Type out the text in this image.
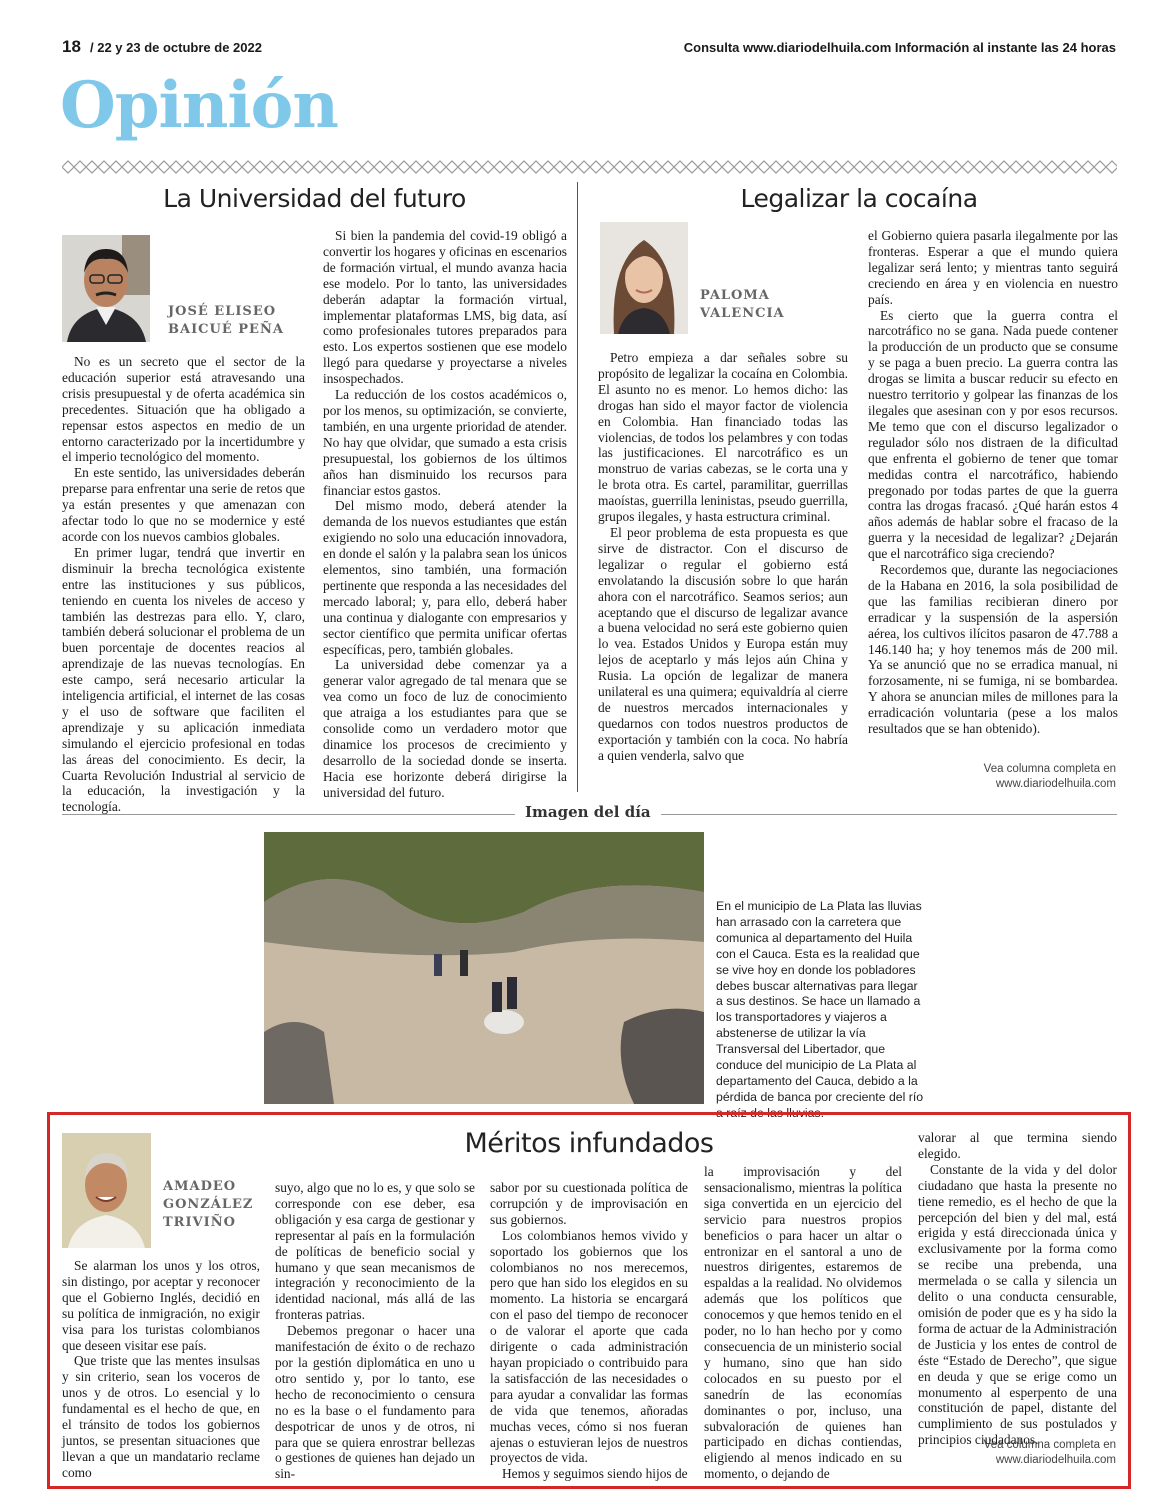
18 / 22 y 23 de octubre de 2022	Consulta www.diariodelhuila.com Información al instante las 24 horas
Opinión
La Universidad del futuro
JOSÉ ELISEO
BAICUÉ PEÑA

No es un secreto que el sector de la educación superior está atravesando una crisis presupuestal y de oferta académica sin precedentes. Situación que ha obligado a repensar estos aspectos en medio de un entorno caracterizado por la incertidumbre y el imperio tecnológico del momento.

En este sentido, las universidades deberán preparse para enfrentar una serie de retos que ya están presentes y que amenazan con afectar todo lo que no se modernice y esté acorde con los nuevos cambios globales.

En primer lugar, tendrá que invertir en disminuir la brecha tecnológica existente entre las instituciones y sus públicos, teniendo en cuenta los niveles de acceso y también las destrezas para ello. Y, claro, también deberá solucionar el problema de un buen porcentaje de docentes reacios al aprendizaje de las nuevas tecnologías. En este campo, será necesario articular la inteligencia artificial, el internet de las cosas y el uso de software que faciliten el aprendizaje y su aplicación inmediata simulando el ejercicio profesional en todas las áreas del conocimiento. Es decir, la Cuarta Revolución Industrial al servicio de la educación, la investigación y la tecnología.

Si bien la pandemia del covid-19 obligó a convertir los hogares y oficinas en escenarios de formación virtual, el mundo avanza hacia ese modelo. Por lo tanto, las universidades deberán adaptar la formación virtual, implementar plataformas LMS, big data, así como profesionales tutores preparados para esto. Los expertos sostienen que ese modelo llegó para quedarse y proyectarse a niveles insospechados.

La reducción de los costos académicos o, por los menos, su optimización, se convierte, también, en una urgente prioridad de atender. No hay que olvidar, que sumado a esta crisis presupuestal, los gobiernos de los últimos años han disminuido los recursos para financiar estos gastos.

Del mismo modo, deberá atender la demanda de los nuevos estudiantes que están exigiendo no solo una educación innovadora, en donde el salón y la palabra sean los únicos elementos, sino también, una formación pertinente que responda a las necesidades del mercado laboral; y, para ello, deberá haber una continua y dialogante con empresarios y sector científico que permita unificar ofertas específicas, pero, también globales.

La universidad debe comenzar ya a generar valor agregado de tal menara que se vea como un foco de luz de conocimiento que atraiga a los estudiantes para que se consolide como un verdadero motor que dinamice los procesos de crecimiento y desarrollo de la sociedad donde se inserta. Hacia ese horizonte deberá dirigirse la universidad del futuro.

Legalizar la cocaína
PALOMA
VALENCIA

Petro empieza a dar señales sobre su propósito de legalizar la cocaína en Colombia. El asunto no es menor. Lo hemos dicho: las drogas han sido el mayor factor de violencia en Colombia. Han financiado todas las violencias, de todos los pelambres y con todas las justificaciones. El narcotráfico es un monstruo de varias cabezas, se le corta una y le brota otra. Es cartel, paramilitar, guerrillas maoístas, guerrilla leninistas, pseudo guerrilla, grupos ilegales, y hasta estructura criminal.

El peor problema de esta propuesta es que sirve de distractor. Con el discurso de legalizar o regular el gobierno está envolatando la discusión sobre lo que harán ahora con el narcotráfico. Seamos serios; aun aceptando que el discurso de legalizar avance a buena velocidad no será este gobierno quien lo vea. Estados Unidos y Europa están muy lejos de aceptarlo y más lejos aún China y Rusia. La opción de legalizar de manera unilateral es una quimera; equivaldría al cierre de nuestros mercados internacionales y quedarnos con todos nuestros productos de exportación y también con la coca. No habría a quien venderla, salvo que

el Gobierno quiera pasarla ilegalmente por las fronteras. Esperar a que el mundo quiera legalizar será lento; y mientras tanto seguirá creciendo en área y en violencia en nuestro país.

Es cierto que la guerra contra el narcotráfico no se gana. Nada puede contener la producción de un producto que se consume y se paga a buen precio. La guerra contra las drogas se limita a buscar reducir su efecto en nuestro territorio y golpear las finanzas de los ilegales que asesinan con y por esos recursos. Me temo que con el discurso legalizador o regulador sólo nos distraen de la dificultad que enfrenta el gobierno de tener que tomar medidas contra el narcotráfico, habiendo pregonado por todas partes de que la guerra contra las drogas fracasó. ¿Qué harán estos 4 años además de hablar sobre el fracaso de la guerra y la necesidad de legalizar? ¿Dejarán que el narcotráfico siga creciendo?

Recordemos que, durante las negociaciones de la Habana en 2016, la sola posibilidad de que las familias recibieran dinero por erradicar y la suspensión de la aspersión aérea, los cultivos ilícitos pasaron de 47.788 a 146.140 ha; y hoy tenemos más de 200 mil. Ya se anunció que no se erradica manual, ni forzosamente, ni se fumiga, ni se bombardea. Y ahora se anuncian miles de millones para la erradicación voluntaria (pese a los malos resultados que se han obtenido).

Vea columna completa en
www.diariodelhuila.com
Imagen del día
En el municipio de La Plata las lluvias han arrasado con la carretera que comunica al departamento del Huila con el Cauca. Esta es la realidad que se vive hoy en donde los pobladores debes buscar alternativas para llegar a sus destinos. Se hace un llamado a los transportadores y viajeros a abstenerse de utilizar la vía Transversal del Libertador, que conduce del municipio de La Plata al departamento del Cauca, debido a la pérdida de banca por creciente del río a raíz de las lluvias.
Méritos infundados
AMADEO
GONZÁLEZ
TRIVIÑO

Se alarman los unos y los otros, sin distingo, por aceptar y reconocer que el Gobierno Inglés, decidió en su política de inmigración, no exigir visa para los turistas colombianos que deseen visitar ese país.

Que triste que las mentes insulsas y sin criterio, sean los voceros de unos y de otros. Lo esencial y lo fundamental es el hecho de que, en el tránsito de todos los gobiernos juntos, se presentan situaciones que llevan a que un mandatario reclame como

suyo, algo que no lo es, y que solo se corresponde con ese deber, esa obligación y esa carga de gestionar y representar al país en la formulación de políticas de beneficio social y humano y que sean mecanismos de integración y reconocimiento de la identidad nacional, más allá de las fronteras patrias.

Debemos pregonar o hacer una manifestación de éxito o de rechazo por la gestión diplomática en uno u otro sentido y, por lo tanto, ese hecho de reconocimiento o censura no es la base o el fundamento para despotricar de unos y de otros, ni para que se quiera enrostrar bellezas o gestiones de quienes han dejado un sin-

sabor por su cuestionada política de corrupción y de improvisación en sus gobiernos.

Los colombianos hemos vivido y soportado los gobiernos que los colombianos no nos merecemos, pero que han sido los elegidos en su momento. La historia se encargará con el paso del tiempo de reconocer o de valorar el aporte que cada dirigente o cada administración hayan propiciado o contribuido para la satisfacción de las necesidades o para ayudar a convalidar las formas de vida que tenemos, añoradas muchas veces, cómo si nos fueran ajenas o estuvieran lejos de nuestros proyectos de vida.

Hemos y seguimos siendo hijos de

la improvisación y del sensacionalismo, mientras la política siga convertida en un ejercicio del servicio para nuestros propios beneficios o para hacer un altar o entronizar en el santoral a uno de nuestros dirigentes, estaremos de espaldas a la realidad. No olvidemos además que los políticos que conocemos y que hemos tenido en el poder, no lo han hecho por y como consecuencia de un ministerio social y humano, sino que han sido colocados en su puesto por el sanedrín de las economías dominantes o por, incluso, una subvaloración de quienes han participado en dichas contiendas, eligiendo al menos indicado en su momento, o dejando de

valorar al que termina siendo elegido.

Constante de la vida y del dolor ciudadano que hasta la presente no tiene remedio, es el hecho de que la percepción del bien y del mal, está erigida y está direccionada única y exclusivamente por la forma como se recibe una prebenda, una mermelada o se calla y silencia un delito o una conducta censurable, omisión de poder que es y ha sido la forma de actuar de la Administración de Justicia y los entes de control de éste “Estado de Derecho”, que sigue en deuda y que se erige como un monumento al esperpento de una constitución de papel, distante del cumplimiento de sus postulados y principios ciudadanos.

Vea columna completa en
www.diariodelhuila.com
